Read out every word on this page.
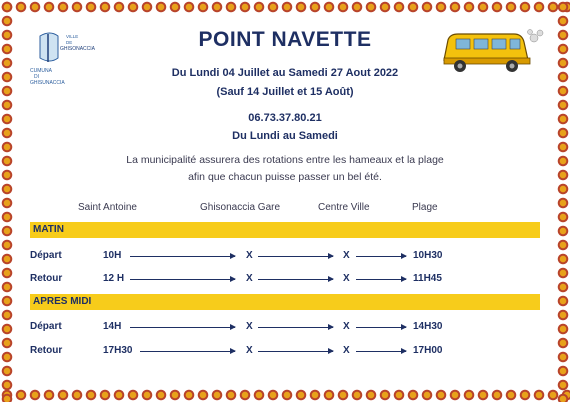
CUMUNA
DI
GHISUNACCIA
VILLE
DE
GHISONACCIA	POINT NAVETTE
Du Lundi 04 Juillet au Samedi 27 Aout 2022
(Sauf 14 Juillet et 15 Août)
06.73.37.80.21
Du Lundi au Samedi
La municipalité assurera des rotations entre les hameaux et la plage
afin que chacun puisse passer un bel été.
Saint Antoine	Ghisonaccia Gare	Centre Ville	Plage
MATIN
Départ	10H	X	X	10H30
Retour	12 H	X	X	11H45
APRES MIDI
Départ	14H	X	X	14H30
Retour	17H30	X	X	17H00
